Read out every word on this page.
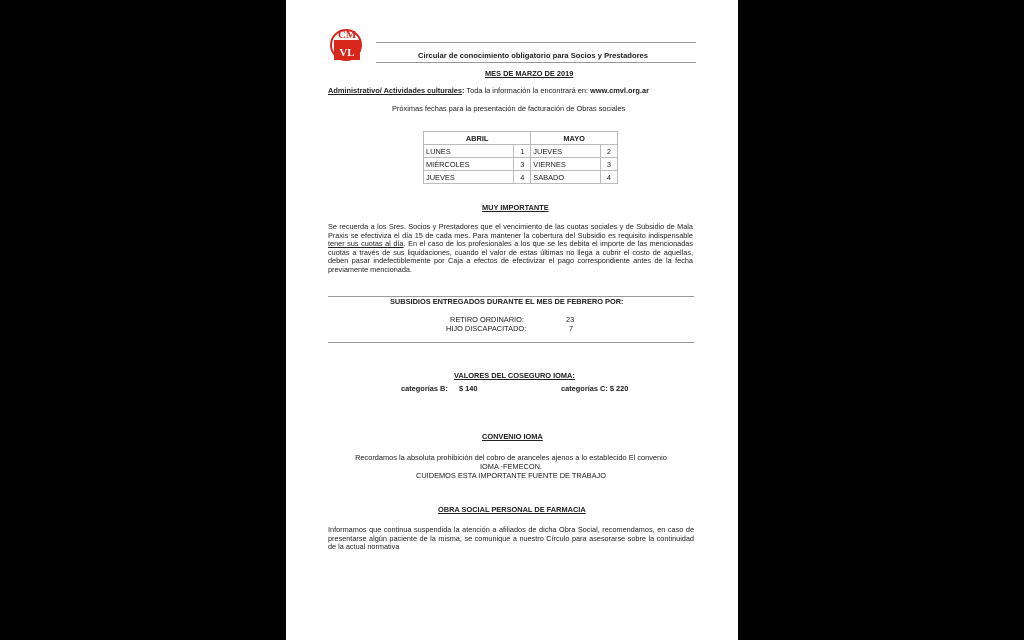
CM
VL	Circular de conocimiento obligatorio para Socios y Prestadores
MES DE MARZO DE 2019
Administrativo/ Actividades culturales: Toda la información la encontrará en: www.cmvl.org.ar
Próximas fechas para la presentación de facturación de Obras sociales
ABRIL		MAYO	
LUNES	1	JUEVES	2
MIÉRCOLES	3	VIERNES	3
JUEVES	4	SABADO	4
MUY IMPORTANTE
Se recuerda a los Sres. Socios y Prestadores que el vencimiento de las cuotas sociales y de Subsidio de Mala Praxis se efectiviza el día 15 de cada mes. Para mantener la cobertura del Subsidio es requisito indispensable tener sus cuotas al día. En el caso de los profesionales a los que se les debita el importe de las mencionadas cuotas a través de sus liquidaciones, cuando el valor de estas últimas no llega a cubrir el costo de aquellas, deben pasar indefectiblemente por Caja a efectos de efectivizar el pago correspondiente antes de la fecha previamente mencionada.
SUBSIDIOS ENTREGADOS DURANTE EL MES DE FEBRERO POR:
RETIRO ORDINARIO:	23
HIJO DISCAPACITADO:	7
VALORES DEL COSEGURO IOMA:
categorías B: $ 140	categorías C: $ 220
CONVENIO IOMA
Recordamos la absoluta prohibición del cobro de aranceles ajenos a lo establecido El convenio
IOMA -FEMECON.
CUIDEMOS ESTA IMPORTANTE FUENTE DE TRABAJO
OBRA SOCIAL PERSONAL DE FARMACIA
Informamos que continua suspendida la atención a afiliados de dicha Obra Social, recomendamos, en caso de presentarse algún paciente de la misma, se comunique a nuestro Círculo para asesorarse sobre la continuidad de la actual normativa
